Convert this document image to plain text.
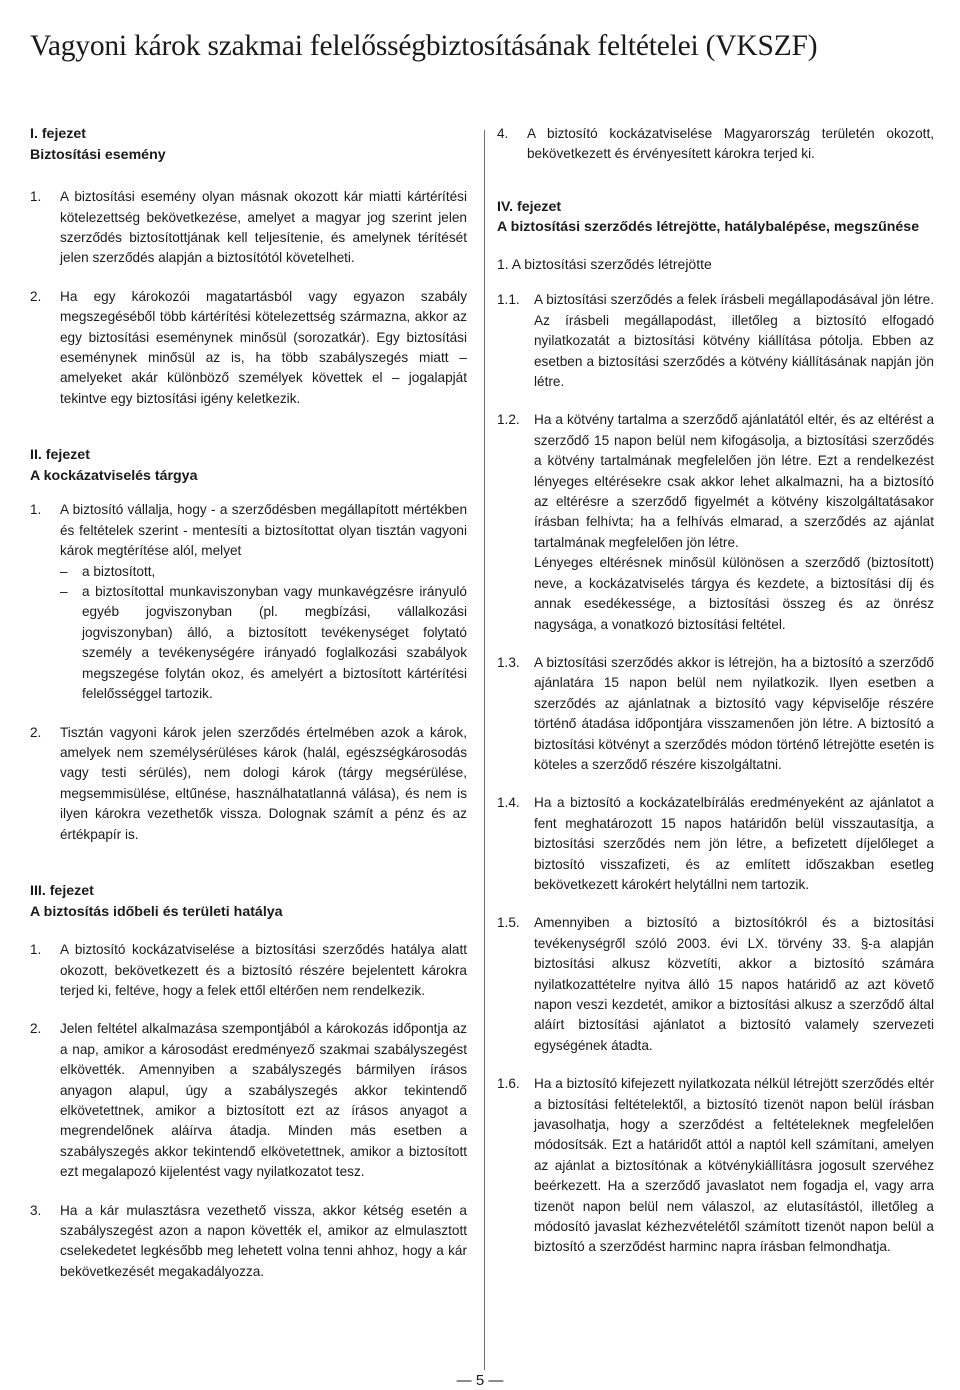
Vagyoni károk szakmai felelősségbiztosításának feltételei (VKSZF)
I. fejezet
Biztosítási esemény
1.	A biztosítási esemény olyan másnak okozott kár miatti kártérítési kötelezettség bekövetkezése, amelyet a magyar jog szerint jelen szerződés biztosítottjának kell teljesítenie, és amelynek térítését jelen szerződés alapján a biztosítótól követelheti.
2.	Ha egy károkozói magatartásból vagy egyazon szabály megszegéséből több kártérítési kötelezettség származna, akkor az egy biztosítási eseménynek minősül (sorozatkár). Egy biztosítási eseménynek minősül az is, ha több szabályszegés miatt – amelyeket akár különböző személyek követtek el – jogalapját tekintve egy biztosítási igény keletkezik.
II. fejezet
A kockázatviselés tárgya
1.	A biztosító vállalja, hogy - a szerződésben megállapított mértékben és feltételek szerint - mentesíti a biztosítottat olyan tisztán vagyoni károk megtérítése alól, melyet
–	a biztosított,
–	a biztosítottal munkaviszonyban vagy munkavégzésre irányuló egyéb jogviszonyban (pl. megbízási, vállalkozási jogviszonyban) álló, a biztosított tevékenységet folytató személy a tevékenységére irányadó foglalkozási szabályok megszegése folytán okoz, és amelyért a biztosított kártérítési felelősséggel tartozik.
2.	Tisztán vagyoni károk jelen szerződés értelmében azok a károk, amelyek nem személysérüléses károk (halál, egészségkárosodás vagy testi sérülés), nem dologi károk (tárgy megsérülése, megsemmisülése, eltűnése, használhatatlanná válása), és nem is ilyen károkra vezethetők vissza. Dolognak számít a pénz és az értékpapír is.
III. fejezet
A biztosítás időbeli és területi hatálya
1.	A biztosító kockázatviselése a biztosítási szerződés hatálya alatt okozott, bekövetkezett és a biztosító részére bejelentett károkra terjed ki, feltéve, hogy a felek ettől eltérően nem rendelkezik.
2.	Jelen feltétel alkalmazása szempontjából a károkozás időpontja az a nap, amikor a károsodást eredményező szakmai szabályszegést elkövették. Amennyiben a szabályszegés bármilyen írásos anyagon alapul, úgy a szabályszegés akkor tekintendő elkövetettnek, amikor a biztosított ezt az írásos anyagot a megrendelőnek aláírva átadja. Minden más esetben a szabályszegés akkor tekintendő elkövetettnek, amikor a biztosított ezt megalapozó kijelentést vagy nyilatkozatot tesz.
3.	Ha a kár mulasztásra vezethető vissza, akkor kétség esetén a szabályszegést azon a napon követték el, amikor az elmulasztott cselekedetet legkésőbb meg lehetett volna tenni ahhoz, hogy a kár bekövetkezését megakadályozza.
4.	A biztosító kockázatviselése Magyarország területén okozott, bekövetkezett és érvényesített károkra terjed ki.
IV. fejezet
A biztosítási szerződés létrejötte, hatálybalépése, megszűnése
1. A biztosítási szerződés létrejötte
1.1.	A biztosítási szerződés a felek írásbeli megállapodásával jön létre. Az írásbeli megállapodást, illetőleg a biztosító elfogadó nyilatkozatát a biztosítási kötvény kiállítása pótolja. Ebben az esetben a biztosítási szerződés a kötvény kiállításának napján jön létre.
1.2.	Ha a kötvény tartalma a szerződő ajánlatától eltér, és az eltérést a szerződő 15 napon belül nem kifogásolja, a biztosítási szerződés a kötvény tartalmának megfelelően jön létre. Ezt a rendelkezést lényeges eltérésekre csak akkor lehet alkalmazni, ha a biztosító az eltérésre a szerződő figyelmét a kötvény kiszolgáltatásakor írásban felhívta; ha a felhívás elmarad, a szerződés az ajánlat tartalmának megfelelően jön létre.
Lényeges eltérésnek minősül különösen a szerződő (biztosított) neve, a kockázatviselés tárgya és kezdete, a biztosítási díj és annak esedékessége, a biztosítási összeg és az önrész nagysága, a vonatkozó biztosítási feltétel.
1.3.	A biztosítási szerződés akkor is létrejön, ha a biztosító a szerződő ajánlatára 15 napon belül nem nyilatkozik. Ilyen esetben a szerződés az ajánlatnak a biztosító vagy képviselője részére történő átadása időpontjára visszamenően jön létre. A biztosító a biztosítási kötvényt a szerződés módon történő létrejötte esetén is köteles a szerződő részére kiszolgáltatni.
1.4.	Ha a biztosító a kockázatelbírálás eredményeként az ajánlatot a fent meghatározott 15 napos határidőn belül visszautasítja, a biztosítási szerződés nem jön létre, a befizetett díjelőleget a biztosító visszafizeti, és az említett időszakban esetleg bekövetkezett károkért helytállni nem tartozik.
1.5.	Amennyiben a biztosító a biztosítókról és a biztosítási tevékenységről szóló 2003. évi LX. törvény 33. §-a alapján biztosítási alkusz közvetíti, akkor a biztosító számára nyilatkozattételre nyitva álló 15 napos határidő az azt követő napon veszi kezdetét, amikor a biztosítási alkusz a szerződő által aláírt biztosítási ajánlatot a biztosító valamely szervezeti egységének átadta.
1.6.	Ha a biztosító kifejezett nyilatkozata nélkül létrejött szerződés eltér a biztosítási feltételektől, a biztosító tizenöt napon belül írásban javasolhatja, hogy a szerződést a feltételeknek megfelelően módosítsák. Ezt a határidőt attól a naptól kell számítani, amelyen az ajánlat a biztosítónak a kötvénykiállításra jogosult szervéhez beérkezett. Ha a szerződő javaslatot nem fogadja el, vagy arra tizenöt napon belül nem válaszol, az elutasítástól, illetőleg a módosító javaslat kézhezvételétől számított tizenöt napon belül a biztosító a szerződést harminc napra írásban felmondhatja.
— 5 —
